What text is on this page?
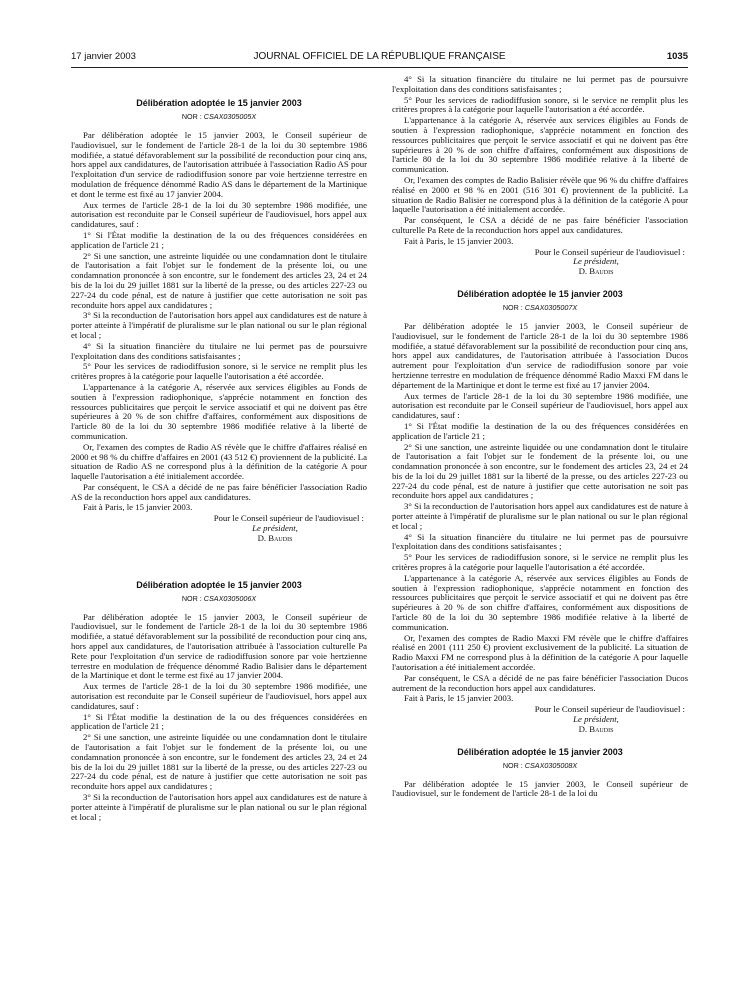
17 janvier 2003	JOURNAL OFFICIEL DE LA RÉPUBLIQUE FRANÇAISE	1035
Délibération adoptée le 15 janvier 2003
NOR : CSAX0305005X

Par délibération adoptée le 15 janvier 2003, le Conseil supérieur de l'audiovisuel, sur le fondement de l'article 28-1 de la loi du 30 septembre 1986 modifiée, a statué défavorablement sur la possibilité de reconduction pour cinq ans, hors appel aux candidatures, de l'autorisation attribuée à l'association Radio AS pour l'exploitation d'un service de radiodiffusion sonore par voie hertzienne terrestre en modulation de fréquence dénommé Radio AS dans le département de la Martinique et dont le terme est fixé au 17 janvier 2004.

Aux termes de l'article 28-1 de la loi du 30 septembre 1986 modifiée, une autorisation est reconduite par le Conseil supérieur de l'audiovisuel, hors appel aux candidatures, sauf :

1° Si l'État modifie la destination de la ou des fréquences considérées en application de l'article 21 ;

2° Si une sanction, une astreinte liquidée ou une condamnation dont le titulaire de l'autorisation a fait l'objet sur le fondement de la présente loi, ou une condamnation prononcée à son encontre, sur le fondement des articles 23, 24 et 24 bis de la loi du 29 juillet 1881 sur la liberté de la presse, ou des articles 227-23 ou 227-24 du code pénal, est de nature à justifier que cette autorisation ne soit pas reconduite hors appel aux candidatures ;

3° Si la reconduction de l'autorisation hors appel aux candidatures est de nature à porter atteinte à l'impératif de pluralisme sur le plan national ou sur le plan régional et local ;

4° Si la situation financière du titulaire ne lui permet pas de poursuivre l'exploitation dans des conditions satisfaisantes ;

5° Pour les services de radiodiffusion sonore, si le service ne remplit plus les critères propres à la catégorie pour laquelle l'autorisation a été accordée.

L'appartenance à la catégorie A, réservée aux services éligibles au Fonds de soutien à l'expression radiophonique, s'apprécie notamment en fonction des ressources publicitaires que perçoit le service associatif et qui ne doivent pas être supérieures à 20 % de son chiffre d'affaires, conformément aux dispositions de l'article 80 de la loi du 30 septembre 1986 modifiée relative à la liberté de communication.

Or, l'examen des comptes de Radio AS révèle que le chiffre d'affaires réalisé en 2000 et 98 % du chiffre d'affaires en 2001 (43 512 €) proviennent de la publicité. La situation de Radio AS ne correspond plus à la définition de la catégorie A pour laquelle l'autorisation a été initialement accordée.

Par conséquent, le CSA a décidé de ne pas faire bénéficier l'association Radio AS de la reconduction hors appel aux candidatures.

Fait à Paris, le 15 janvier 2003.

Pour le Conseil supérieur de l'audiovisuel :
Le président,
D. Baudis
Délibération adoptée le 15 janvier 2003
NOR : CSAX0305006X

Par délibération adoptée le 15 janvier 2003, le Conseil supérieur de l'audiovisuel, sur le fondement de l'article 28-1 de la loi du 30 septembre 1986 modifiée, a statué défavorablement sur la possibilité de reconduction pour cinq ans, hors appel aux candidatures, de l'autorisation attribuée à l'association culturelle Pa Rete pour l'exploitation d'un service de radiodiffusion sonore par voie hertzienne terrestre en modulation de fréquence dénommé Radio Balisier dans le département de la Martinique et dont le terme est fixé au 17 janvier 2004.

Aux termes de l'article 28-1 de la loi du 30 septembre 1986 modifiée, une autorisation est reconduite par le Conseil supérieur de l'audiovisuel, hors appel aux candidatures, sauf :

1° Si l'État modifie la destination de la ou des fréquences considérées en application de l'article 21 ;

2° Si une sanction, une astreinte liquidée ou une condamnation dont le titulaire de l'autorisation a fait l'objet sur le fondement de la présente loi, ou une condamnation prononcée à son encontre, sur le fondement des articles 23, 24 et 24 bis de la loi du 29 juillet 1881 sur la liberté de la presse, ou des articles 227-23 ou 227-24 du code pénal, est de nature à justifier que cette autorisation ne soit pas reconduite hors appel aux candidatures ;

3° Si la reconduction de l'autorisation hors appel aux candidatures est de nature à porter atteinte à l'impératif de pluralisme sur le plan national ou sur le plan régional et local ;

4° Si la situation financière du titulaire ne lui permet pas de poursuivre l'exploitation dans des conditions satisfaisantes ;

5° Pour les services de radiodiffusion sonore, si le service ne remplit plus les critères propres à la catégorie pour laquelle l'autorisation a été accordée.

L'appartenance à la catégorie A, réservée aux services éligibles au Fonds de soutien à l'expression radiophonique, s'apprécie notamment en fonction des ressources publicitaires que perçoit le service associatif et qui ne doivent pas être supérieures à 20 % de son chiffre d'affaires, conformément aux dispositions de l'article 80 de la loi du 30 septembre 1986 modifiée relative à la liberté de communication.

Or, l'examen des comptes de Radio Balisier révèle que 96 % du chiffre d'affaires réalisé en 2000 et 98 % en 2001 (516 301 €) proviennent de la publicité. La situation de Radio Balisier ne correspond plus à la définition de la catégorie A pour laquelle l'autorisation a été initialement accordée.

Par conséquent, le CSA a décidé de ne pas faire bénéficier l'association culturelle Pa Rete de la reconduction hors appel aux candidatures.

Fait à Paris, le 15 janvier 2003.

Pour le Conseil supérieur de l'audiovisuel :
Le président,
D. Baudis
Délibération adoptée le 15 janvier 2003
NOR : CSAX0305007X

Par délibération adoptée le 15 janvier 2003, le Conseil supérieur de l'audiovisuel, sur le fondement de l'article 28-1 de la loi du 30 septembre 1986 modifiée, a statué défavorablement sur la possibilité de reconduction pour cinq ans, hors appel aux candidatures, de l'autorisation attribuée à l'association Ducos autrement pour l'exploitation d'un service de radiodiffusion sonore par voie hertzienne terrestre en modulation de fréquence dénommé Radio Maxxi FM dans le département de la Martinique et dont le terme est fixé au 17 janvier 2004.

Aux termes de l'article 28-1 de la loi du 30 septembre 1986 modifiée, une autorisation est reconduite par le Conseil supérieur de l'audiovisuel, hors appel aux candidatures, sauf :

1° Si l'État modifie la destination de la ou des fréquences considérées en application de l'article 21 ;

2° Si une sanction, une astreinte liquidée ou une condamnation dont le titulaire de l'autorisation a fait l'objet sur le fondement de la présente loi, ou une condamnation prononcée à son encontre, sur le fondement des articles 23, 24 et 24 bis de la loi du 29 juillet 1881 sur la liberté de la presse, ou des articles 227-23 ou 227-24 du code pénal, est de nature à justifier que cette autorisation ne soit pas reconduite hors appel aux candidatures ;

3° Si la reconduction de l'autorisation hors appel aux candidatures est de nature à porter atteinte à l'impératif de pluralisme sur le plan national ou sur le plan régional et local ;

4° Si la situation financière du titulaire ne lui permet pas de poursuivre l'exploitation dans des conditions satisfaisantes ;

5° Pour les services de radiodiffusion sonore, si le service ne remplit plus les critères propres à la catégorie pour laquelle l'autorisation a été accordée.

L'appartenance à la catégorie A, réservée aux services éligibles au Fonds de soutien à l'expression radiophonique, s'apprécie notamment en fonction des ressources publicitaires que perçoit le service associatif et qui ne doivent pas être supérieures à 20 % de son chiffre d'affaires, conformément aux dispositions de l'article 80 de la loi du 30 septembre 1986 modifiée relative à la liberté de communication.

Or, l'examen des comptes de Radio Maxxi FM révèle que le chiffre d'affaires réalisé en 2001 (111 250 €) provient exclusivement de la publicité. La situation de Radio Maxxi FM ne correspond plus à la définition de la catégorie A pour laquelle l'autorisation a été initialement accordée.

Par conséquent, le CSA a décidé de ne pas faire bénéficier l'association Ducos autrement de la reconduction hors appel aux candidatures.

Fait à Paris, le 15 janvier 2003.

Pour le Conseil supérieur de l'audiovisuel :
Le président,
D. Baudis
Délibération adoptée le 15 janvier 2003
NOR : CSAX0305008X

Par délibération adoptée le 15 janvier 2003, le Conseil supérieur de l'audiovisuel, sur le fondement de l'article 28-1 de la loi du
